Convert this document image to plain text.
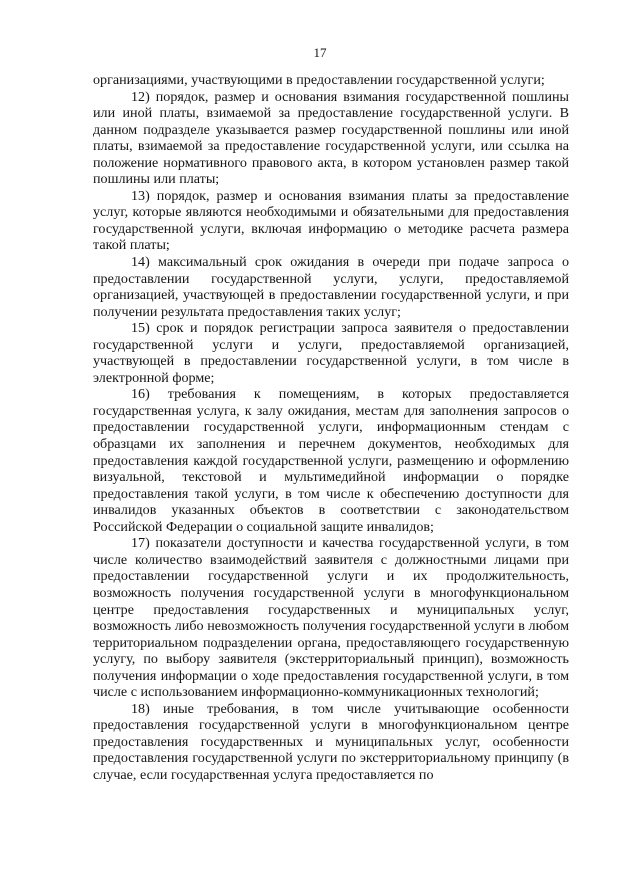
17

организациями, участвующими в предоставлении государственной услуги;

12) порядок, размер и основания взимания государственной пошлины или иной платы, взимаемой за предоставление государственной услуги. В данном подразделе указывается размер государственной пошлины или иной платы, взимаемой за предоставление государственной услуги, или ссылка на положение нормативного правового акта, в котором установлен размер такой пошлины или платы;

13) порядок, размер и основания взимания платы за предоставление услуг, которые являются необходимыми и обязательными для предоставления государственной услуги, включая информацию о методике расчета размера такой платы;

14) максимальный срок ожидания в очереди при подаче запроса о предоставлении государственной услуги, услуги, предоставляемой организацией, участвующей в предоставлении государственной услуги, и при получении результата предоставления таких услуг;

15) срок и порядок регистрации запроса заявителя о предоставлении государственной услуги и услуги, предоставляемой организацией, участвующей в предоставлении государственной услуги, в том числе в электронной форме;

16) требования к помещениям, в которых предоставляется государственная услуга, к залу ожидания, местам для заполнения запросов о предоставлении государственной услуги, информационным стендам с образцами их заполнения и перечнем документов, необходимых для предоставления каждой государственной услуги, размещению и оформлению визуальной, текстовой и мультимедийной информации о порядке предоставления такой услуги, в том числе к обеспечению доступности для инвалидов указанных объектов в соответствии с законодательством Российской Федерации о социальной защите инвалидов;

17) показатели доступности и качества государственной услуги, в том числе количество взаимодействий заявителя с должностными лицами при предоставлении государственной услуги и их продолжительность, возможность получения государственной услуги в многофункциональном центре предоставления государственных и муниципальных услуг, возможность либо невозможность получения государственной услуги в любом территориальном подразделении органа, предоставляющего государственную услугу, по выбору заявителя (экстерриториальный принцип), возможность получения информации о ходе предоставления государственной услуги, в том числе с использованием информационно-коммуникационных технологий;

18) иные требования, в том числе учитывающие особенности предоставления государственной услуги в многофункциональном центре предоставления государственных и муниципальных услуг, особенности предоставления государственной услуги по экстерриториальному принципу (в случае, если государственная услуга предоставляется по
